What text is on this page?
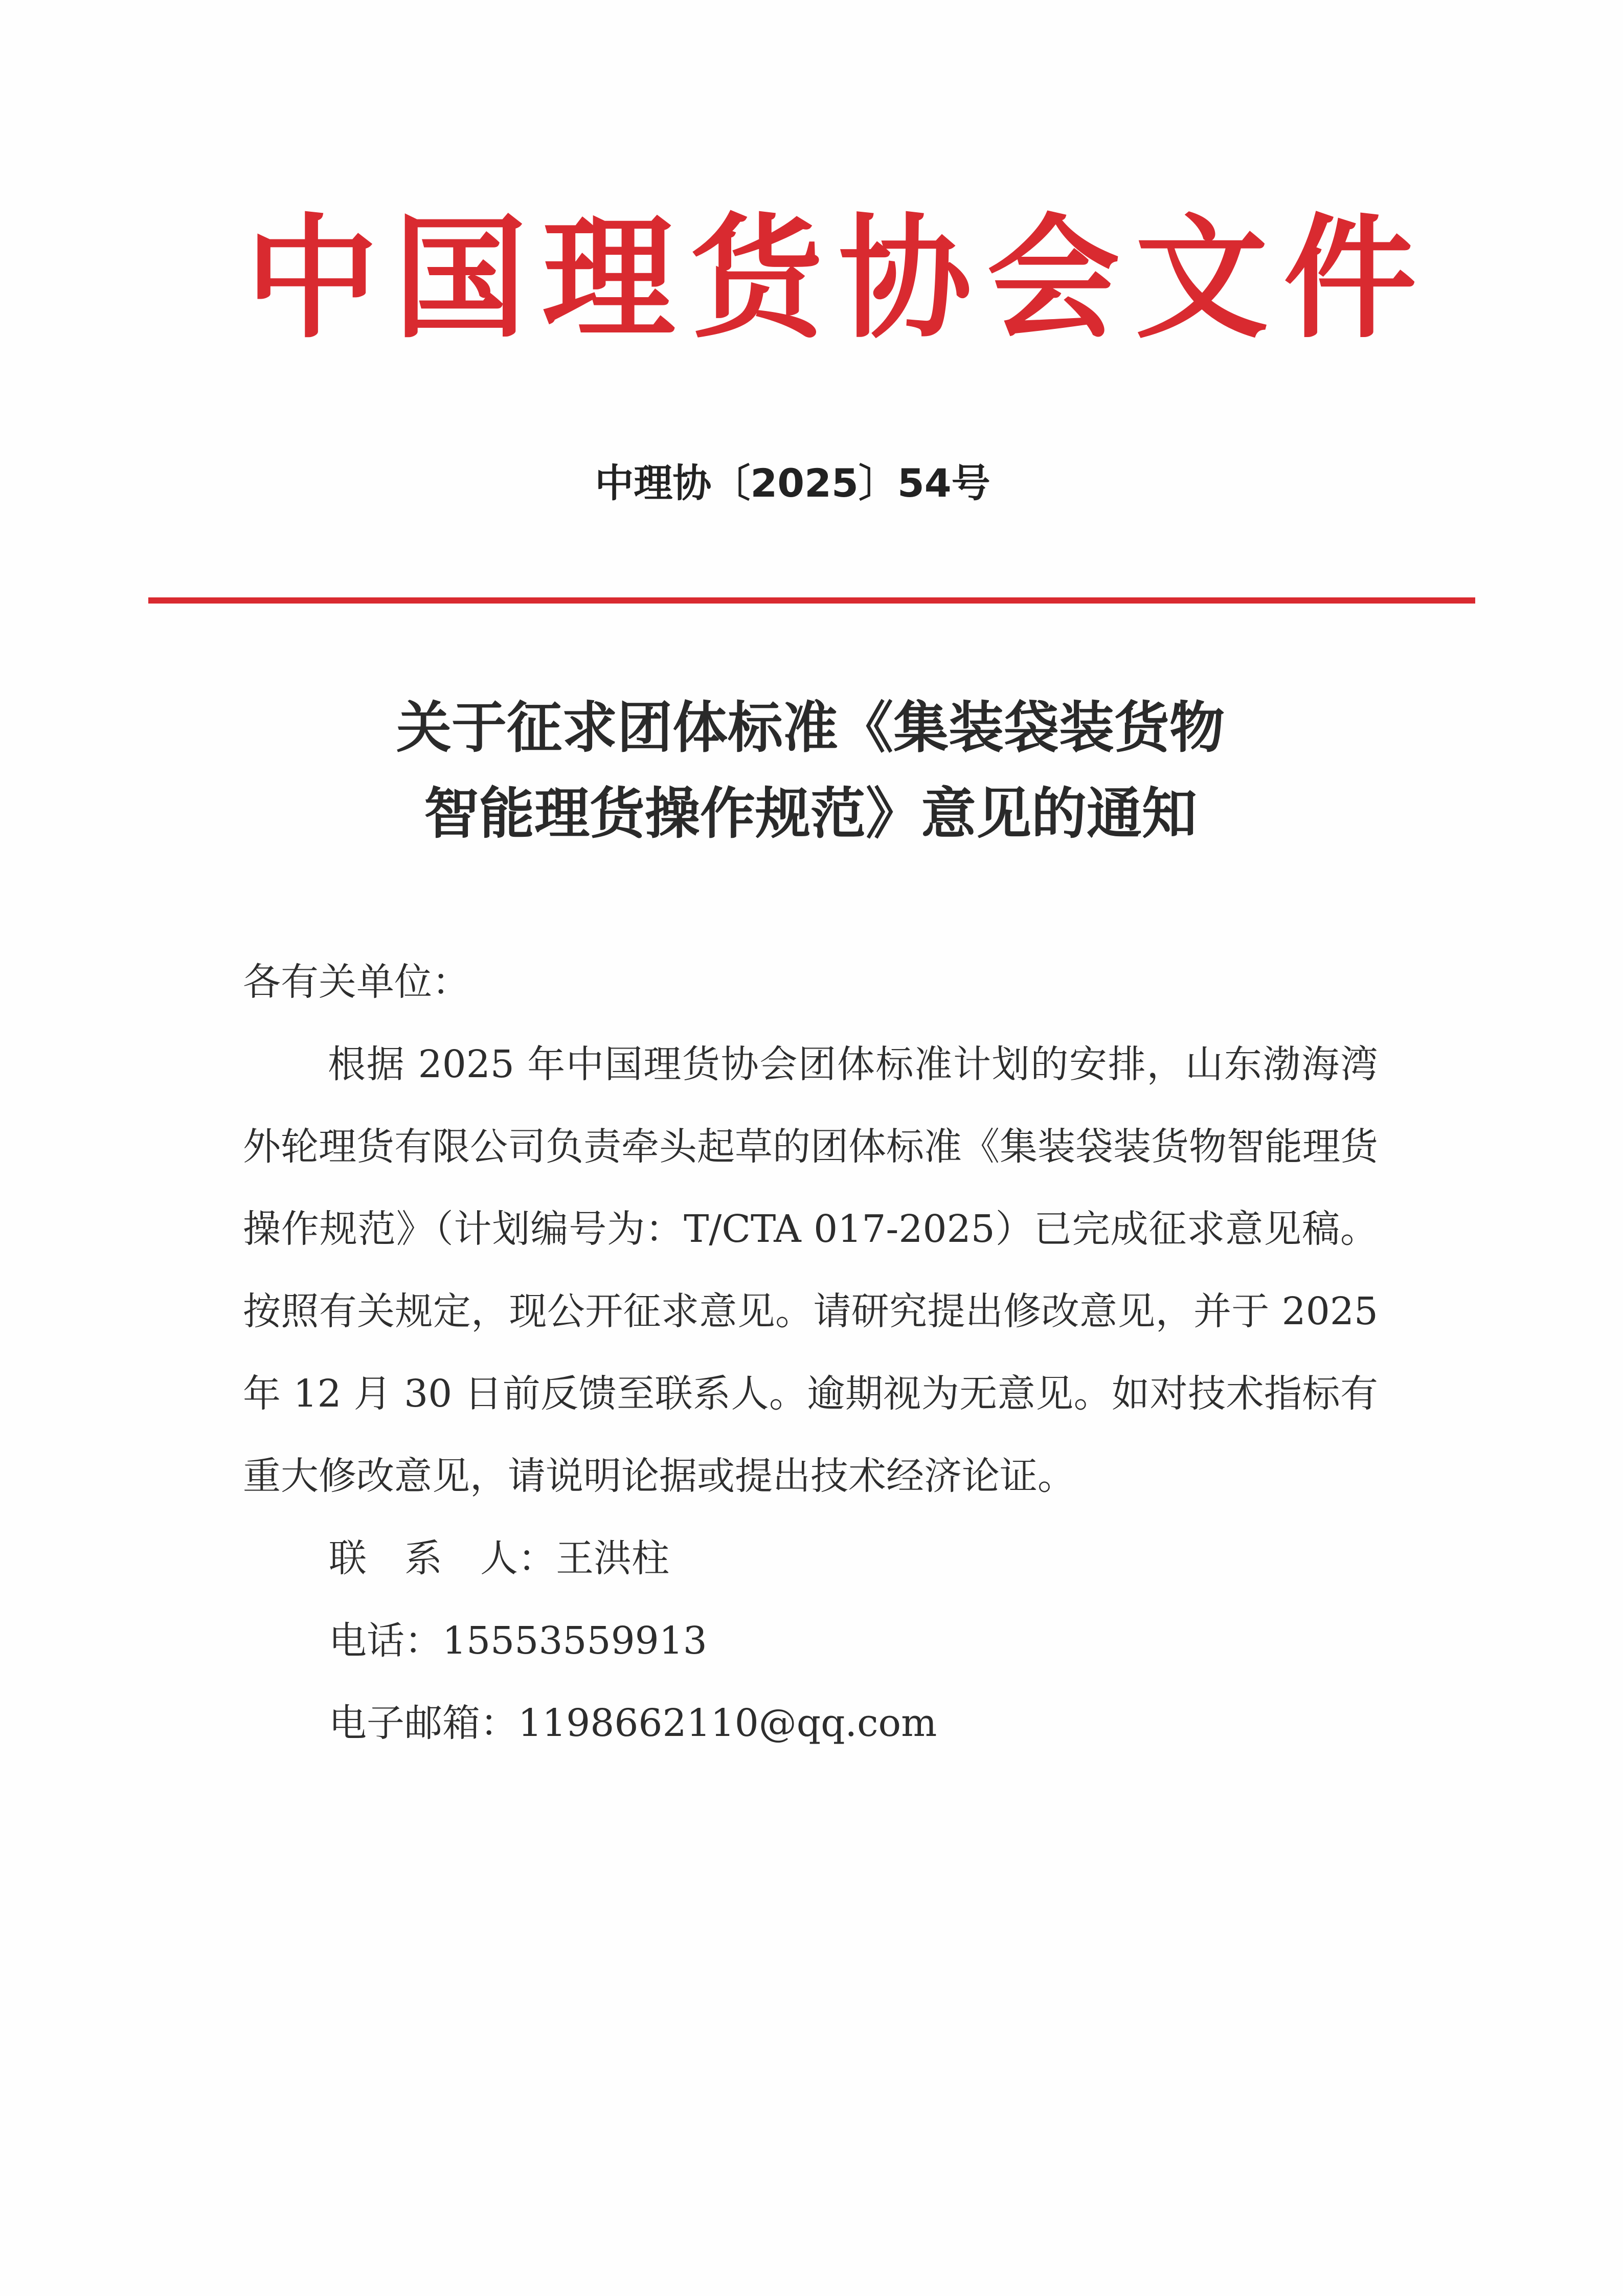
中国理货协会文件
中理协〔2025〕54号
关于征求团体标准《集装袋装货物
智能理货操作规范》意见的通知
各有关单位：
根据 2025 年中国理货协会团体标准计划的安排，山东渤海湾外轮理货有限公司负责牵头起草的团体标准《集装袋装货物智能理货操作规范》（计划编号为：T/CTA 017-2025）已完成征求意见稿。按照有关规定，现公开征求意见。请研究提出修改意见，并于 2025 年 12 月 30 日前反馈至联系人。逾期视为无意见。如对技术指标有重大修改意见，请说明论据或提出技术经济论证。
联　系　人：王洪柱
电话：15553559913
电子邮箱：1198662110@qq.com
